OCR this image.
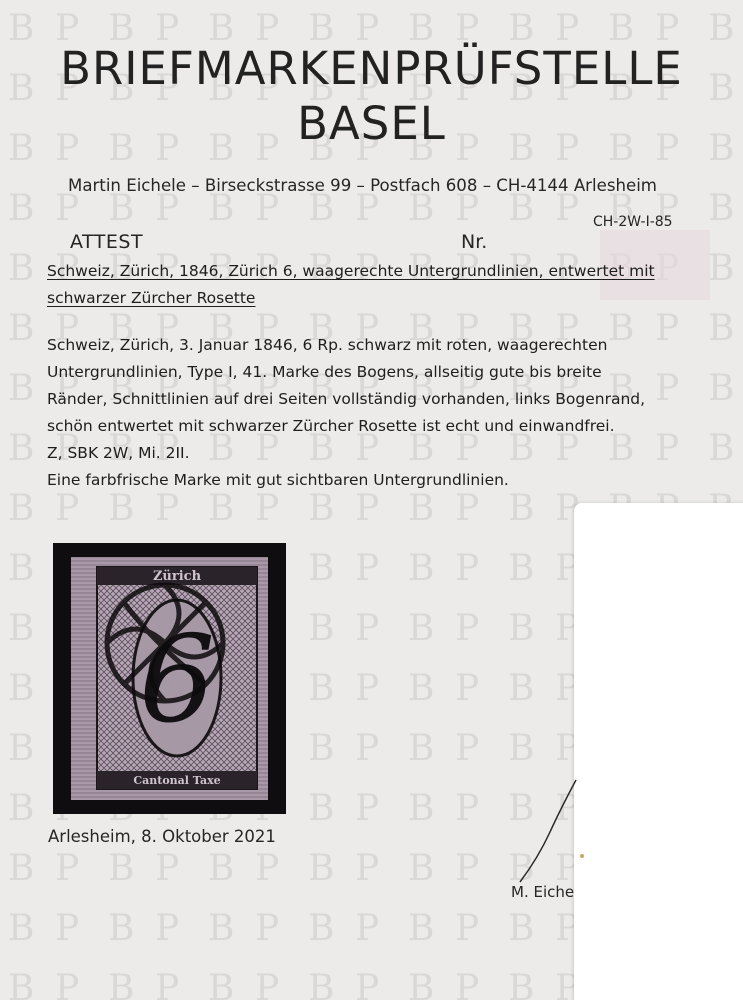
BRIEFMARKENPRÜFSTELLE
BASEL
Martin Eichele – Birseckstrasse 99 – Postfach 608 – CH-4144 Arlesheim
CH-2W-I-85
ATTEST	Nr.
Schweiz, Zürich, 1846, Zürich 6, waagerechte Untergrundlinien, entwertet mit
schwarzer Zürcher Rosette
Schweiz, Zürich, 3. Januar 1846, 6 Rp. schwarz mit roten, waagerechten
Untergrundlinien, Type I, 41. Marke des Bogens, allseitig gute bis breite
Ränder, Schnittlinien auf drei Seiten vollständig vorhanden, links Bogenrand,
schön entwertet mit schwarzer Zürcher Rosette ist echt und einwandfrei.
Z, SBK 2W, Mi. 2II.
Eine farbfrische Marke mit gut sichtbaren Untergrundlinien.
Zürich
6
Cantonal Taxe
Arlesheim, 8. Oktober 2021
M. Eiche
